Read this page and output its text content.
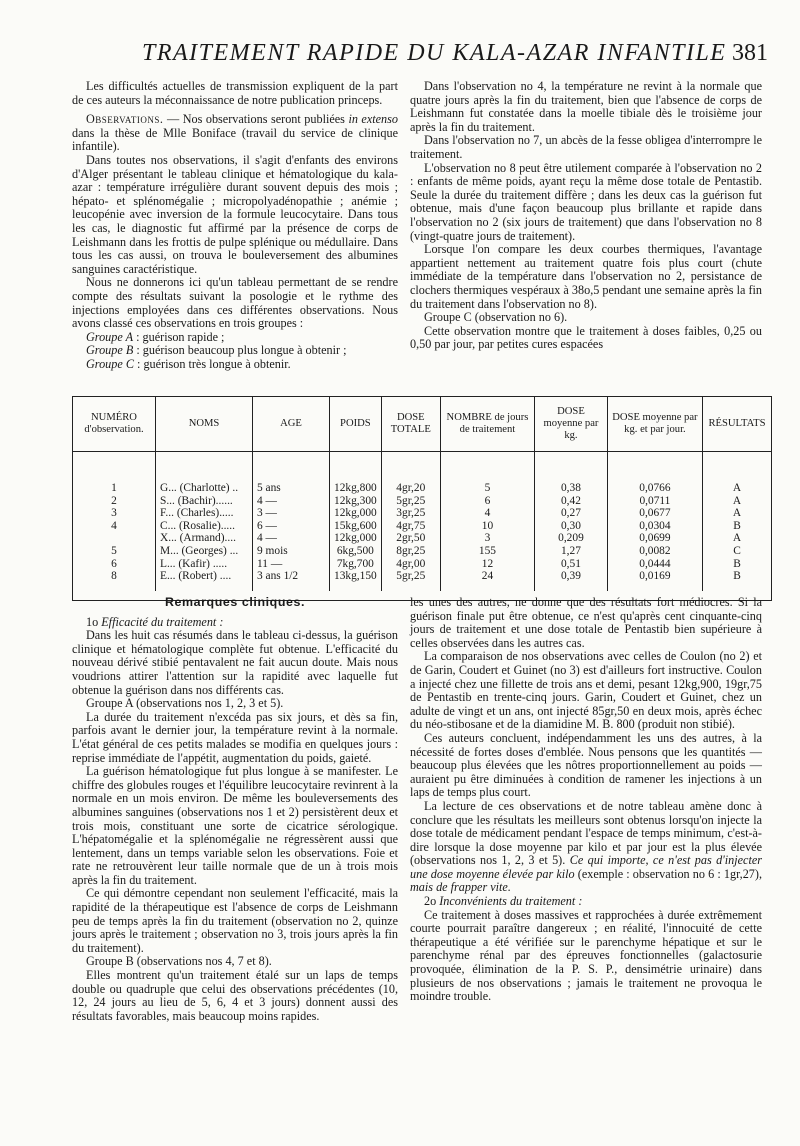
TRAITEMENT RAPIDE DU KALA-AZAR INFANTILE 381

Les difficultés actuelles de transmission expliquent de la part de ces auteurs la méconnaissance de notre publication princeps.

Observations. — Nos observations seront publiées in extenso dans la thèse de Mlle Boniface (travail du service de clinique infantile).

Dans toutes nos observations, il s'agit d'enfants des environs d'Alger présentant le tableau clinique et hématologique du kala-azar : température irrégulière durant souvent depuis des mois ; hépato- et splénomégalie ; micropolyadénopathie ; anémie ; leucopénie avec inversion de la formule leucocytaire. Dans tous les cas, le diagnostic fut affirmé par la présence de corps de Leishmann dans les frottis de pulpe splénique ou médullaire. Dans tous les cas aussi, on trouva le bouleversement des albumines sanguines caractéristique.

Nous ne donnerons ici qu'un tableau permettant de se rendre compte des résultats suivant la posologie et le rythme des injections employées dans ces différentes observations. Nous avons classé ces observations en trois groupes :

Groupe A : guérison rapide ;

Groupe B : guérison beaucoup plus longue à obtenir ;

Groupe C : guérison très longue à obtenir.

Dans l'observation no 4, la température ne revint à la normale que quatre jours après la fin du traitement, bien que l'absence de corps de Leishmann fut constatée dans la moelle tibiale dès le troisième jour après la fin du traitement.

Dans l'observation no 7, un abcès de la fesse obligea d'interrompre le traitement.

L'observation no 8 peut être utilement comparée à l'observation no 2 : enfants de même poids, ayant reçu la même dose totale de Pentastib. Seule la durée du traitement diffère ; dans les deux cas la guérison fut obtenue, mais d'une façon beaucoup plus brillante et rapide dans l'observation no 2 (six jours de traitement) que dans l'observation no 8 (vingt-quatre jours de traitement).

Lorsque l'on compare les deux courbes thermiques, l'avantage appartient nettement au traitement quatre fois plus court (chute immédiate de la température dans l'observation no 2, persistance de clochers thermiques vespéraux à 38o,5 pendant une semaine après la fin du traitement dans l'observation no 8).

Groupe C (observation no 6).

Cette observation montre que le traitement à doses faibles, 0,25 ou 0,50 par jour, par petites cures espacées

NUMÉRO d'observation.	NOMS	AGE	POIDS	DOSE TOTALE	NOMBRE de jours de traitement	DOSE moyenne par kg.	DOSE moyenne par kg. et par jour.	RÉSULTATS

1	G... (Charlotte) ..	5 ans	12kg,800	4gr,20	5	0,38	0,0766	A
2	S... (Bachir)......	4 —	12kg,300	5gr,25	6	0,42	0,0711	A
3	F... (Charles).....	3 —	12kg,000	3gr,25	4	0,27	0,0677	A
4	C... (Rosalie).....	6 —	15kg,600	4gr,75	10	0,30	0,0304	B
	X... (Armand)....	4 —	12kg,000	2gr,50	3	0,209	0,0699	A
5	M... (Georges) ...	9 mois	6kg,500	8gr,25	155	1,27	0,0082	C
6	L... (Kafir) .....	11 —	7kg,700	4gr,00	12	0,51	0,0444	B
8	E... (Robert) ....	3 ans 1/2	13kg,150	5gr,25	24	0,39	0,0169	B

Remarques cliniques.

1o Efficacité du traitement :

Dans les huit cas résumés dans le tableau ci-dessus, la guérison clinique et hématologique complète fut obtenue. L'efficacité du nouveau dérivé stibié pentavalent ne fait aucun doute. Mais nous voudrions attirer l'attention sur la rapidité avec laquelle fut obtenue la guérison dans nos différents cas.

Groupe A (observations nos 1, 2, 3 et 5).

La durée du traitement n'excéda pas six jours, et dès sa fin, parfois avant le dernier jour, la température revint à la normale. L'état général de ces petits malades se modifia en quelques jours : reprise immédiate de l'appétit, augmentation du poids, gaieté.

La guérison hématologique fut plus longue à se manifester. Le chiffre des globules rouges et l'équilibre leucocytaire revinrent à la normale en un mois environ. De même les bouleversements des albumines sanguines (observations nos 1 et 2) persistèrent deux et trois mois, constituant une sorte de cicatrice sérologique. L'hépatomégalie et la splénomégalie ne régressèrent aussi que lentement, dans un temps variable selon les observations. Foie et rate ne retrouvèrent leur taille normale que de un à trois mois après la fin du traitement.

Ce qui démontre cependant non seulement l'efficacité, mais la rapidité de la thérapeutique est l'absence de corps de Leishmann peu de temps après la fin du traitement (observation no 2, quinze jours après le traitement ; observation no 3, trois jours après la fin du traitement).

Groupe B (observations nos 4, 7 et 8).

Elles montrent qu'un traitement étalé sur un laps de temps double ou quadruple que celui des observations précédentes (10, 12, 24 jours au lieu de 5, 6, 4 et 3 jours) donnent aussi des résultats favorables, mais beaucoup moins rapides.

les unes des autres, ne donne que des résultats fort médiocres. Si la guérison finale put être obtenue, ce n'est qu'après cent cinquante-cinq jours de traitement et une dose totale de Pentastib bien supérieure à celles observées dans les autres cas.

La comparaison de nos observations avec celles de Coulon (no 2) et de Garin, Coudert et Guinet (no 3) est d'ailleurs fort instructive. Coulon a injecté chez une fillette de trois ans et demi, pesant 12kg,900, 19gr,75 de Pentastib en trente-cinq jours. Garin, Coudert et Guinet, chez un adulte de vingt et un ans, ont injecté 85gr,50 en deux mois, après échec du néo-stibosane et de la diamidine M. B. 800 (produit non stibié).

Ces auteurs concluent, indépendamment les uns des autres, à la nécessité de fortes doses d'emblée. Nous pensons que les quantités — beaucoup plus élevées que les nôtres proportionnellement au poids — auraient pu être diminuées à condition de ramener les injections à un laps de temps plus court.

La lecture de ces observations et de notre tableau amène donc à conclure que les résultats les meilleurs sont obtenus lorsqu'on injecte la dose totale de médicament pendant l'espace de temps minimum, c'est-à-dire lorsque la dose moyenne par kilo et par jour est la plus élevée (observations nos 1, 2, 3 et 5). Ce qui importe, ce n'est pas d'injecter une dose moyenne élevée par kilo (exemple : observation no 6 : 1gr,27), mais de frapper vite.

2o Inconvénients du traitement :

Ce traitement à doses massives et rapprochées à durée extrêmement courte pourrait paraître dangereux ; en réalité, l'innocuité de cette thérapeutique a été vérifiée sur le parenchyme hépatique et sur le parenchyme rénal par des épreuves fonctionnelles (galactosurie provoquée, élimination de la P. S. P., densimétrie urinaire) dans plusieurs de nos observations ; jamais le traitement ne provoqua le moindre trouble.
